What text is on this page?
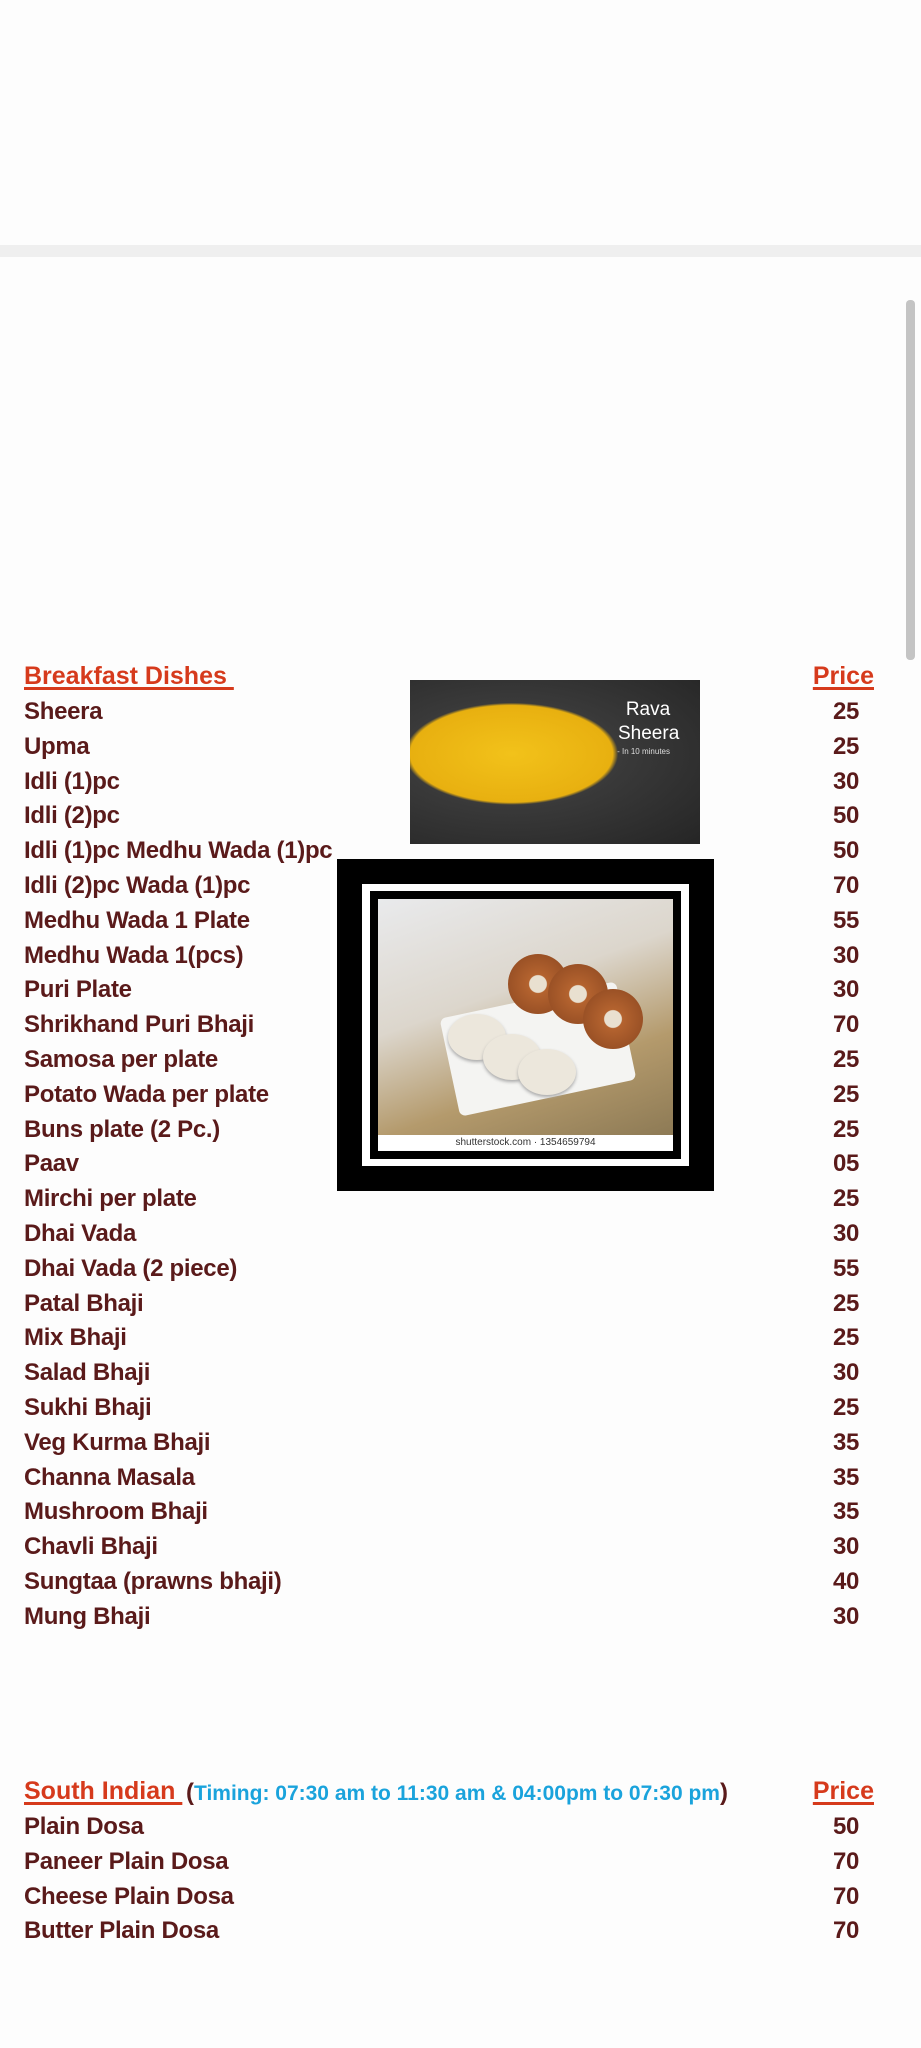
Breakfast Dishes	Price
Sheera	25
Upma	25
Idli (1)pc	30
Idli (2)pc	50
Idli (1)pc Medhu Wada (1)pc	50
Idli (2)pc Wada (1)pc	70
Medhu Wada 1 Plate	55
Medhu Wada 1(pcs)	30
Puri Plate	30
Shrikhand Puri Bhaji	70
Samosa per plate	25
Potato Wada per plate	25
Buns plate (2 Pc.)	25
Paav	05
Mirchi per plate	25
Dhai Vada	30
Dhai Vada (2 piece)	55
Patal Bhaji	25
Mix Bhaji	25
Salad Bhaji	30
Sukhi Bhaji	25
Veg Kurma Bhaji	35
Channa Masala	35
Mushroom Bhaji	35
Chavli Bhaji	30
Sungtaa (prawns bhaji)	40
Mung Bhaji	30
Rava Sheera
- In 10 minutes
shutterstock.com · 1354659794
South Indian (Timing: 07:30 am to 11:30 am & 04:00pm to 07:30 pm)	Price
Plain Dosa	50
Paneer Plain Dosa	70
Cheese Plain Dosa	70
Butter Plain Dosa	70
